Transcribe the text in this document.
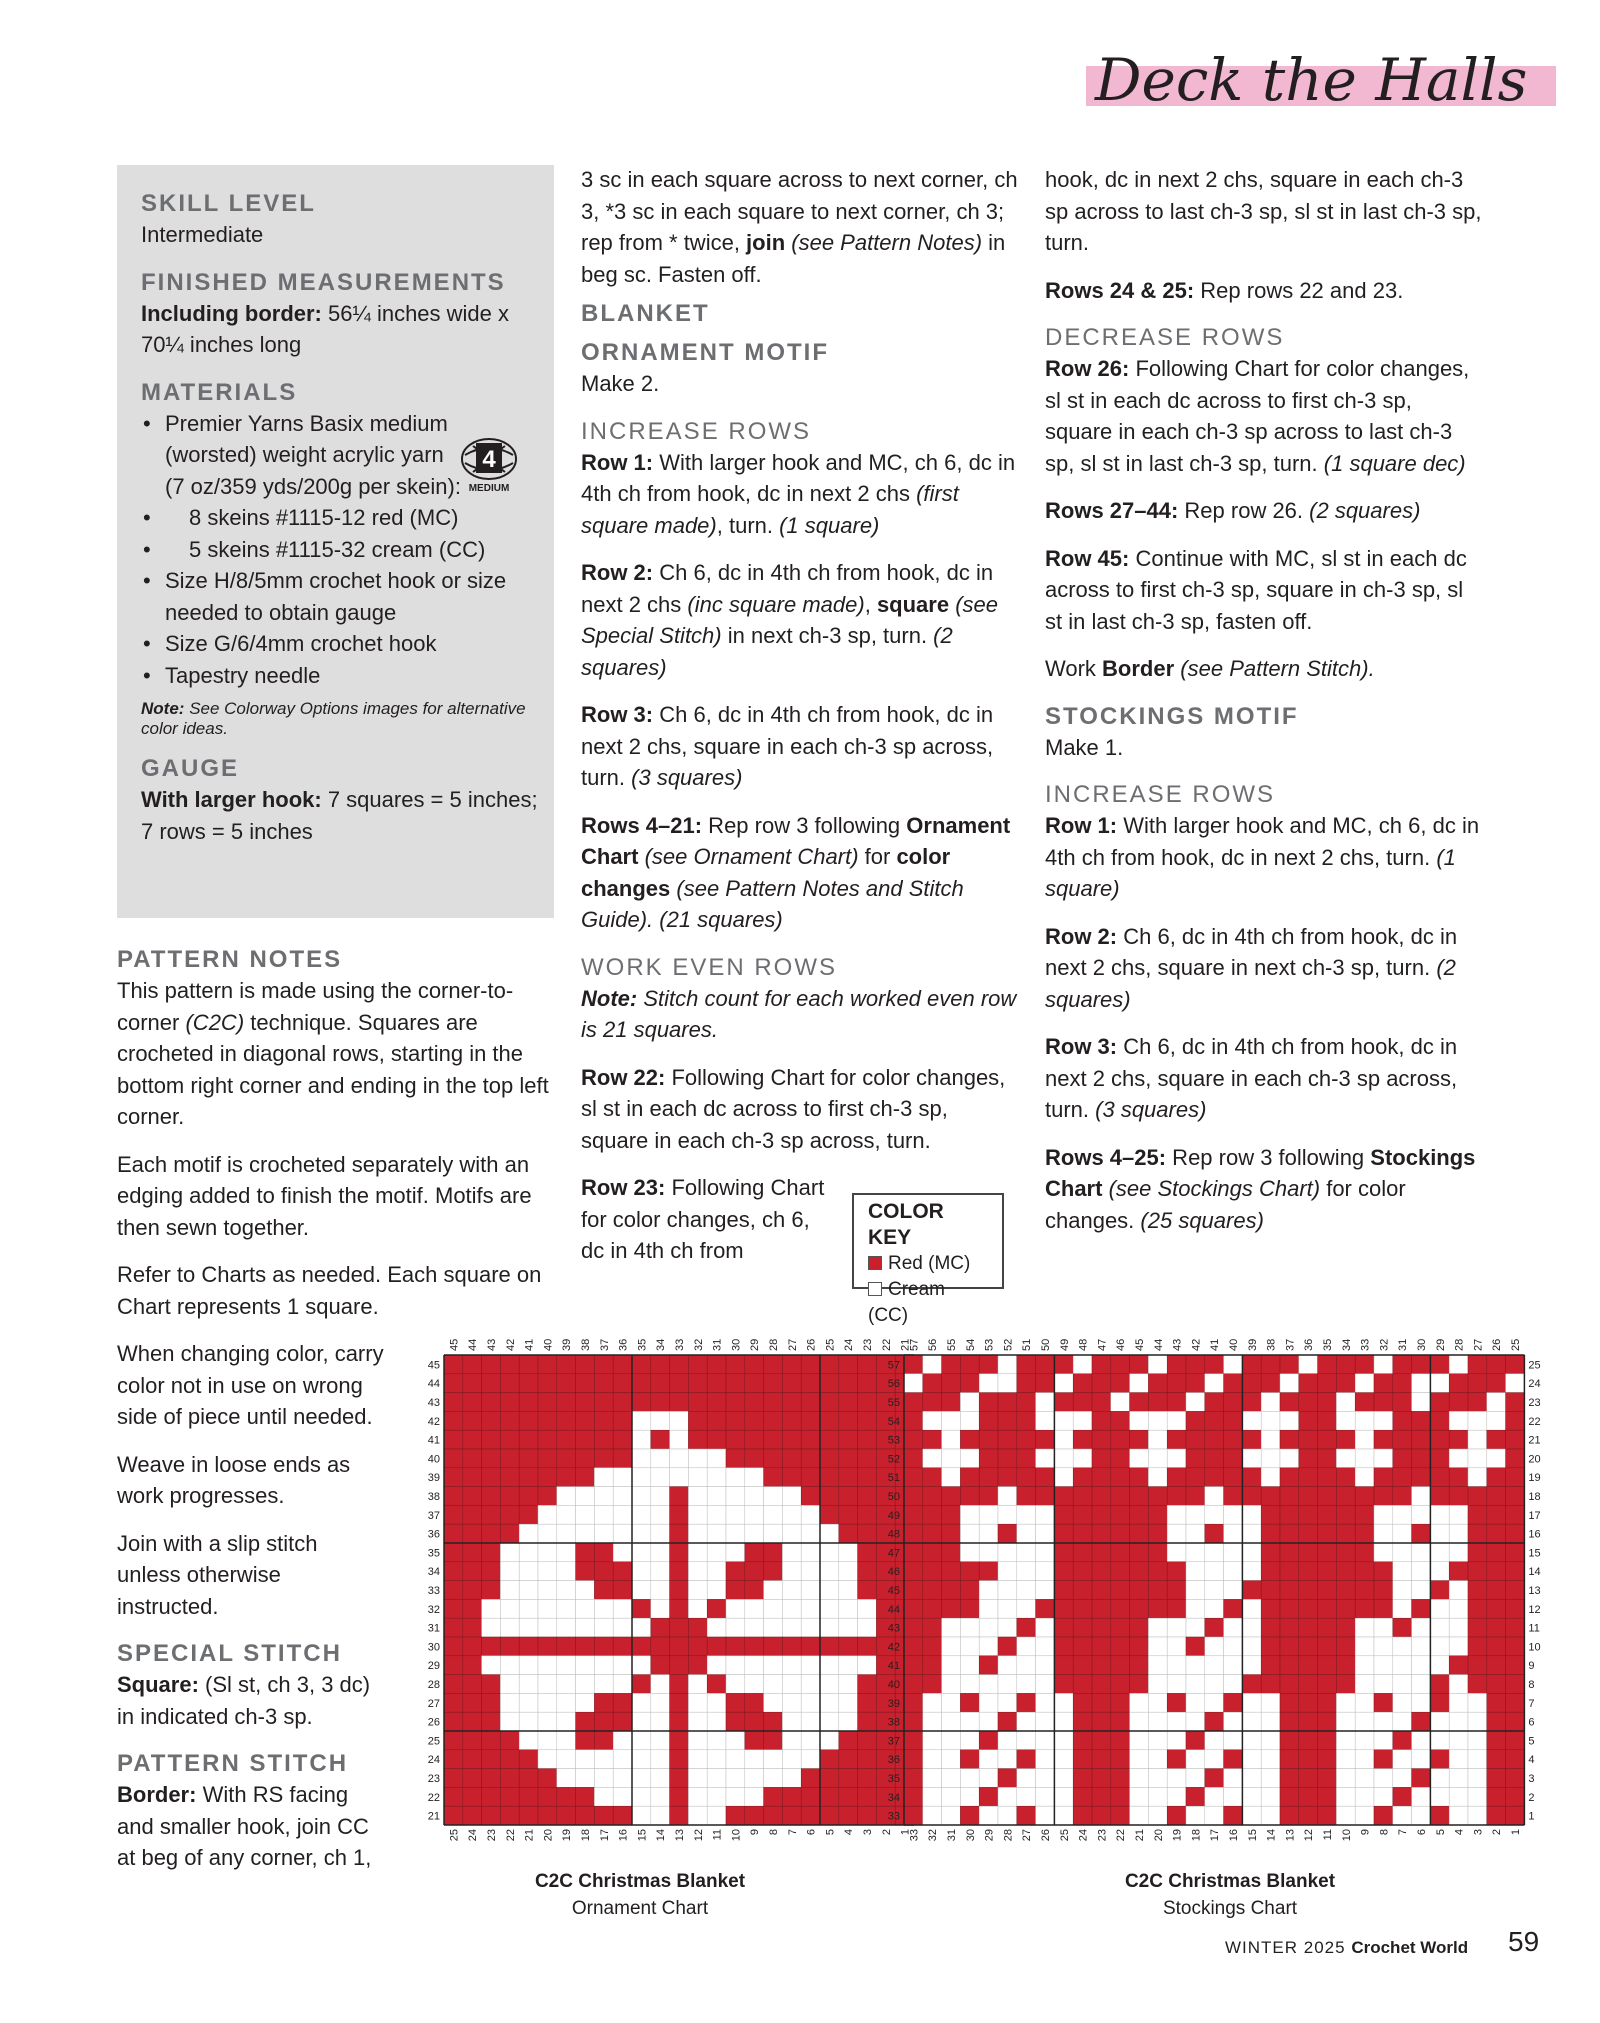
Deck the Halls
SKILL LEVEL

Intermediate

FINISHED MEASUREMENTS

Including border: 56¼ inches wide x 70¼ inches long

MATERIALS
• Premier Yarns Basix medium (worsted) weight acrylic yarn (7 oz/359 yds/200g per skein):
• 8 skeins #1115-12 red (MC)
• 5 skeins #1115-32 cream (CC)
• Size H/8/5mm crochet hook or size needed to obtain gauge
• Size G/6/4mm crochet hook
• Tapestry needle
Note: See Colorway Options images for alternative color ideas.
GAUGE

With larger hook: 7 squares = 5 inches; 7 rows = 5 inches

4
MEDIUM
PATTERN NOTES

This pattern is made using the corner-to-corner (C2C) technique. Squares are crocheted in diagonal rows, starting in the bottom right corner and ending in the top left corner.

Each motif is crocheted separately with an edging added to finish the motif. Motifs are then sewn together.

Refer to Charts as needed. Each square on Chart represents 1 square.

When changing color, carry color not in use on wrong side of piece until needed.

Weave in loose ends as work progresses.

Join with a slip stitch unless otherwise instructed.

SPECIAL STITCH

Square: (Sl st, ch 3, 3 dc) in indicated ch-3 sp.

PATTERN STITCH

Border: With RS facing and smaller hook, join CC at beg of any corner, ch 1,

3 sc in each square across to next corner, ch 3, *3 sc in each square to next corner, ch 3; rep from * twice, join (see Pattern Notes) in beg sc. Fasten off.

BLANKET
ORNAMENT MOTIF

Make 2.

INCREASE ROWS

Row 1: With larger hook and MC, ch 6, dc in 4th ch from hook, dc in next 2 chs (first square made), turn. (1 square)

Row 2: Ch 6, dc in 4th ch from hook, dc in next 2 chs (inc square made), square (see Special Stitch) in next ch-3 sp, turn. (2 squares)

Row 3: Ch 6, dc in 4th ch from hook, dc in next 2 chs, square in each ch-3 sp across, turn. (3 squares)

Rows 4–21: Rep row 3 following Ornament Chart (see Ornament Chart) for color changes (see Pattern Notes and Stitch Guide). (21 squares)

WORK EVEN ROWS

Note: Stitch count for each worked even row is 21 squares.

Row 22: Following Chart for color changes, sl st in each dc across to first ch-3 sp, square in each ch-3 sp across, turn.

Row 23: Following Chart for color changes, ch 6, dc in 4th ch from

COLOR KEY
Red (MC)
Cream (CC)

hook, dc in next 2 chs, square in each ch-3 sp across to last ch-3 sp, sl st in last ch-3 sp, turn.

Rows 24 & 25: Rep rows 22 and 23.

DECREASE ROWS

Row 26: Following Chart for color changes, sl st in each dc across to first ch-3 sp, square in each ch-3 sp across to last ch-3 sp, sl st in last ch-3 sp, turn. (1 square dec)

Rows 27–44: Rep row 26. (2 squares)

Row 45: Continue with MC, sl st in each dc across to first ch-3 sp, square in ch-3 sp, sl st in last ch-3 sp, fasten off.

Work Border (see Pattern Stitch).

STOCKINGS MOTIF

Make 1.

INCREASE ROWS

Row 1: With larger hook and MC, ch 6, dc in 4th ch from hook, dc in next 2 chs, turn. (1 square)

Row 2: Ch 6, dc in 4th ch from hook, dc in next 2 chs, square in next ch-3 sp, turn. (2 squares)

Row 3: Ch 6, dc in 4th ch from hook, dc in next 2 chs, square in each ch-3 sp across, turn. (3 squares)

Rows 4–25: Rep row 3 following Stockings Chart (see Stockings Chart) for color changes. (25 squares)

45
25
44
24
43
23
42
22
41
21
40
20
39
19
38
18
37
17
36
16
35
15
34
14
33
13
32
12
31
11
30
10
29
9
28
8
27
7
26
6
25
5
24
4
23
3
22
2
21
1
45
44
43
42
41
40
39
38
37
36
35
34
33
32
31
30
29
28
27
26
25
24
23
22
21
57
33
56
32
55
31
54
30
53
29
52
28
51
27
50
26
49
25
48
24
47
23
46
22
45
21
44
20
43
19
42
18
41
17
40
16
39
15
38
14
37
13
36
12
35
11
34
10
33
9
32
8
31
7
30
6
29
5
28
4
27
3
26
2
25
1
57	25
56	24
55	23
54	22
53	21
52	20
51	19
50	18
49	17
48	16
47	15
46	14
45	13
44	12
43	11
42	10
41	9
40	8
39	7
38	6
37	5
36	4
35	3
34	2
33	1
C2C Christmas Blanket
Ornament Chart
C2C Christmas Blanket
Stockings Chart
WINTER 2025 Crochet World 59
